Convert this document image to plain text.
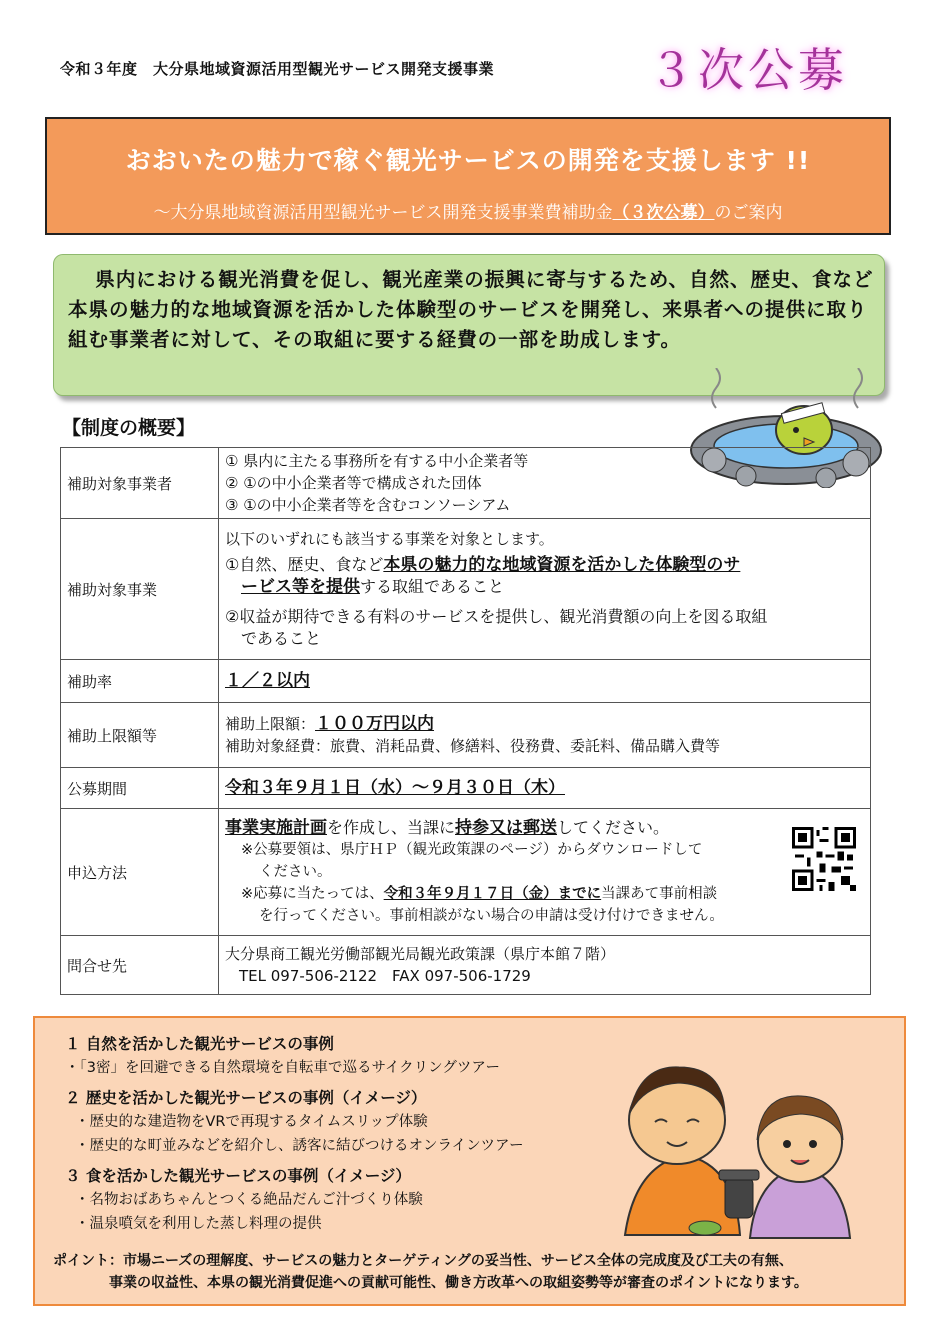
令和３年度　大分県地域資源活用型観光サービス開発支援事業	３次公募
おおいたの魅力で稼ぐ観光サービスの開発を支援します !!
～大分県地域資源活用型観光サービス開発支援事業費補助金（３次公募）のご案内
県内における観光消費を促し、観光産業の振興に寄与するため、自然、歴史、食など本県の魅力的な地域資源を活かした体験型のサービスを開発し、来県者への提供に取り組む事業者に対して、その取組に要する経費の一部を助成します。
【制度の概要】
補助対象事業者	① 県内に主たる事務所を有する中小企業者等
② ①の中小企業者等で構成された団体
③ ①の中小企業者等を含むコンソーシアム

補助対象事業	以下のいずれにも該当する事業を対象とします。
①自然、歴史、食など本県の魅力的な地域資源を活かした体験型のサ
ービス等を提供する取組であること
②収益が期待できる有料のサービスを提供し、観光消費額の向上を図る取組
であること

補助率	１／２以内
補助上限額等	補助上限額：１００万円以内
補助対象経費：旅費、消耗品費、修繕料、役務費、委託料、備品購入費等

公募期間	令和３年９月１日（水）～９月３０日（木）
申込方法	事業実施計画を作成し、当課に持参又は郵送してください。
※公募要領は、県庁ＨＰ（観光政策課のページ）からダウンロードして
ください。
※応募に当たっては、令和３年９月１７日（金）までに当課あて事前相談
を行ってください。事前相談がない場合の申請は受け付けできません。

問合せ先	大分県商工観光労働部観光局観光政策課（県庁本館７階）
TEL 097-506-2122　FAX 097-506-1729
１ 自然を活かした観光サービスの事例
・「3密」を回避できる自然環境を自転車で巡るサイクリングツアー
２ 歴史を活かした観光サービスの事例（イメージ）
・歴史的な建造物をVRで再現するタイムスリップ体験
・歴史的な町並みなどを紹介し、誘客に結びつけるオンラインツアー
３ 食を活かした観光サービスの事例（イメージ）
・名物おばあちゃんとつくる絶品だんご汁づくり体験
・温泉噴気を利用した蒸し料理の提供
ポイント：市場ニーズの理解度、サービスの魅力とターゲティングの妥当性、サービス全体の完成度及び工夫の有無、
　　　　事業の収益性、本県の観光消費促進への貢献可能性、働き方改革への取組姿勢等が審査のポイントになります。
